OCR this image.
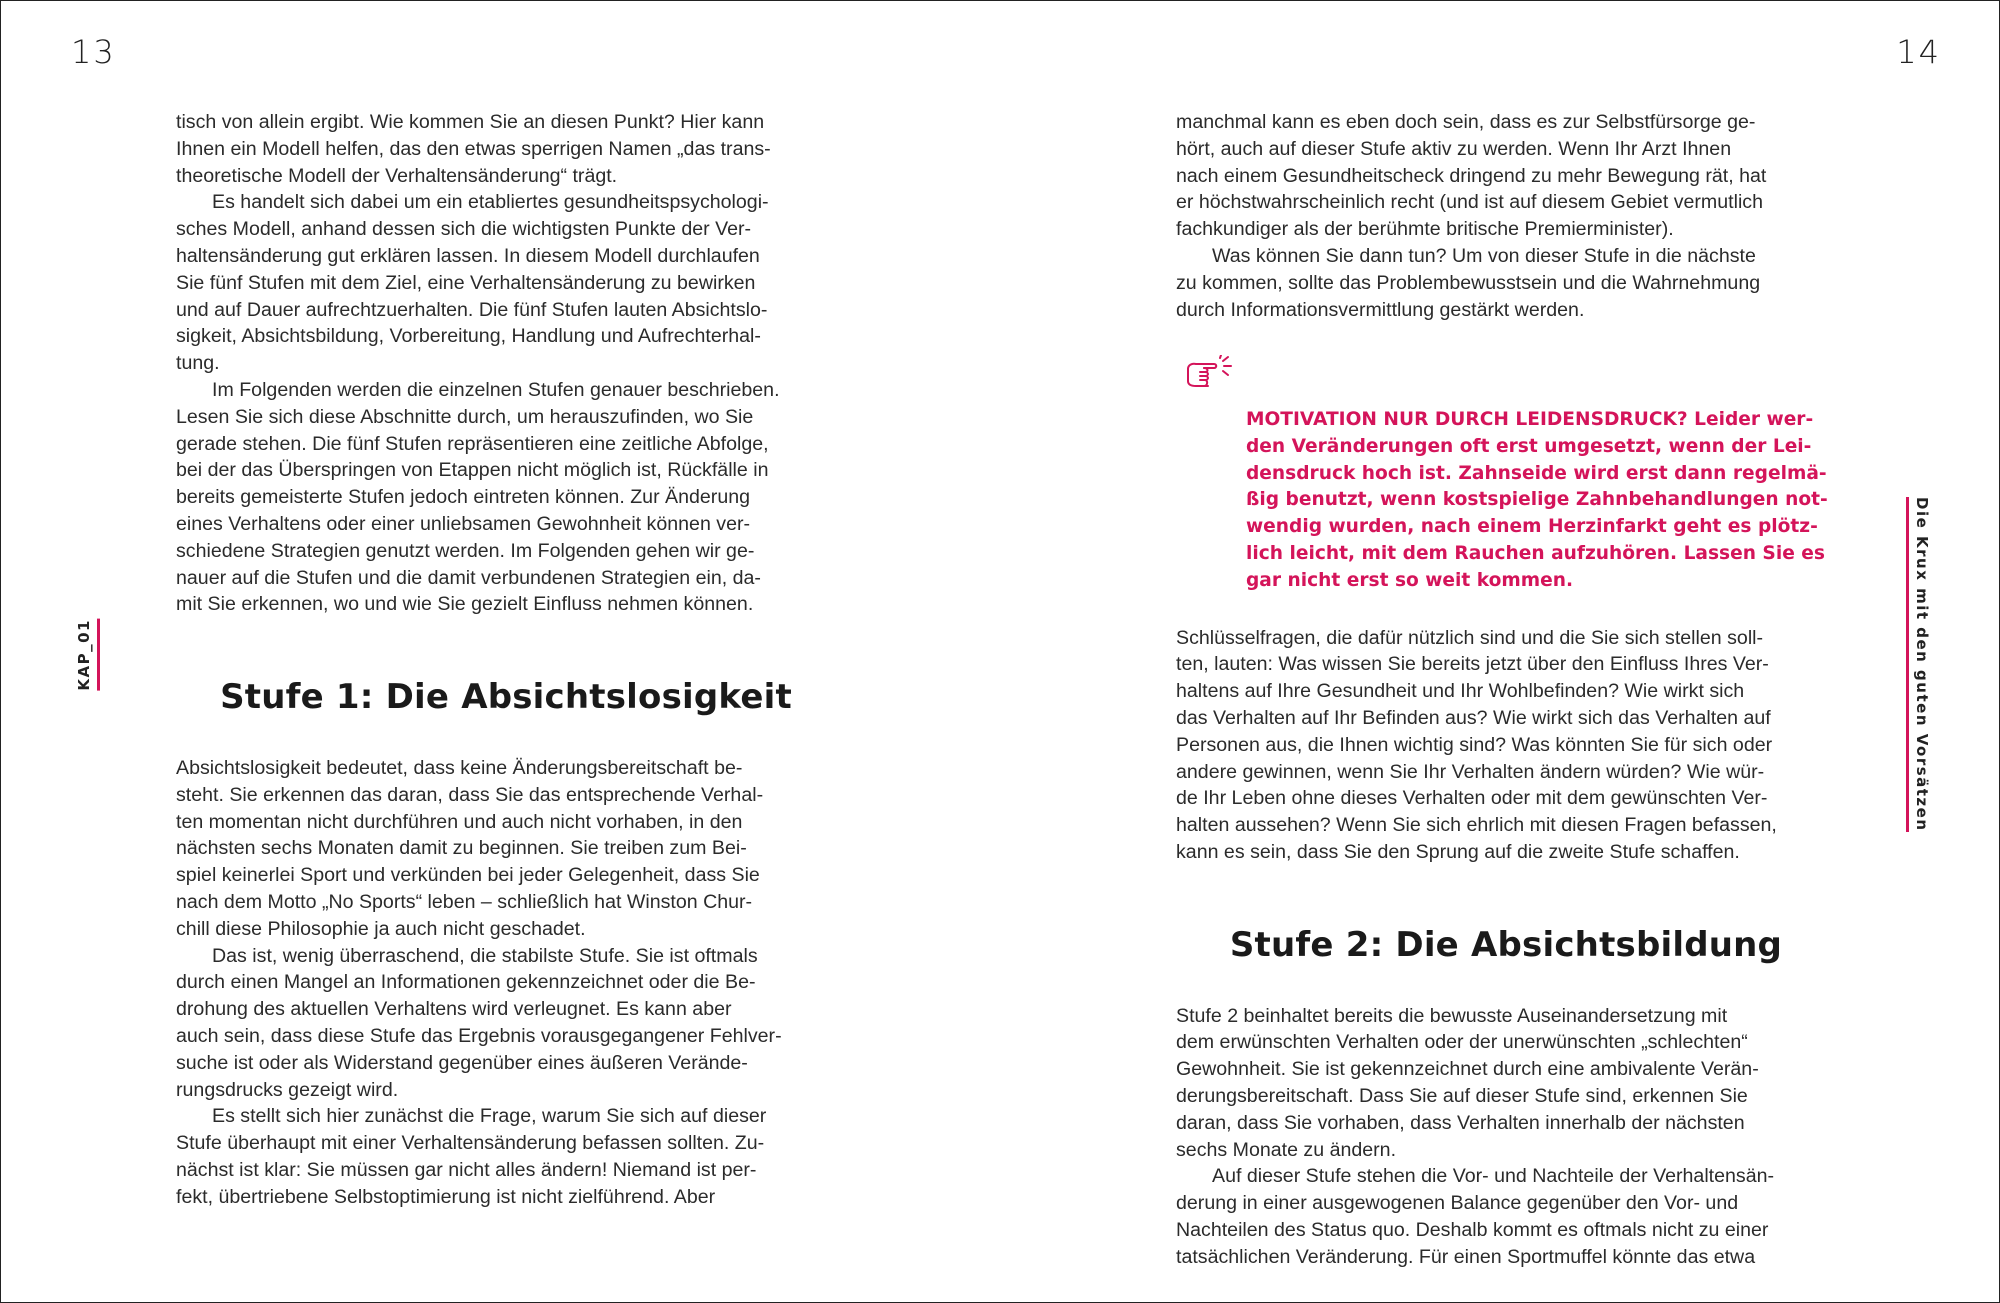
13	14
KAP_01	Die Krux mit den guten Vorsätzen

tisch von allein ergibt. Wie kommen Sie an diesen Punkt? Hier kann
Ihnen ein Modell helfen, das den etwas sperrigen Namen „das trans-
theoretische Modell der Verhaltensänderung“ trägt.

Es handelt sich dabei um ein etabliertes gesundheitspsychologi-
sches Modell, anhand dessen sich die wichtigsten Punkte der Ver-
haltensänderung gut erklären lassen. In diesem Modell durchlaufen
Sie fünf Stufen mit dem Ziel, eine Verhaltensänderung zu bewirken
und auf Dauer aufrechtzuerhalten. Die fünf Stufen lauten Absichtslo-
sigkeit, Absichtsbildung, Vorbereitung, Handlung und Aufrechterhal-
tung.

Im Folgenden werden die einzelnen Stufen genauer beschrieben.
Lesen Sie sich diese Abschnitte durch, um herauszufinden, wo Sie
gerade stehen. Die fünf Stufen repräsentieren eine zeitliche Abfolge,
bei der das Überspringen von Etappen nicht möglich ist, Rückfälle in
bereits gemeisterte Stufen jedoch eintreten können. Zur Änderung
eines Verhaltens oder einer unliebsamen Gewohnheit können ver-
schiedene Strategien genutzt werden. Im Folgenden gehen wir ge-
nauer auf die Stufen und die damit verbundenen Strategien ein, da-
mit Sie erkennen, wo und wie Sie gezielt Einfluss nehmen können.

Stufe 1: Die Absichtslosigkeit

Absichtslosigkeit bedeutet, dass keine Änderungsbereitschaft be-
steht. Sie erkennen das daran, dass Sie das entsprechende Verhal-
ten momentan nicht durchführen und auch nicht vorhaben, in den
nächsten sechs Monaten damit zu beginnen. Sie treiben zum Bei-
spiel keinerlei Sport und verkünden bei jeder Gelegenheit, dass Sie
nach dem Motto „No Sports“ leben – schließlich hat Winston Chur-
chill diese Philosophie ja auch nicht geschadet.

Das ist, wenig überraschend, die stabilste Stufe. Sie ist oftmals
durch einen Mangel an Informationen gekennzeichnet oder die Be-
drohung des aktuellen Verhaltens wird verleugnet. Es kann aber
auch sein, dass diese Stufe das Ergebnis vorausgegangener Fehlver-
suche ist oder als Widerstand gegenüber eines äußeren Verände-
rungsdrucks gezeigt wird.

Es stellt sich hier zunächst die Frage, warum Sie sich auf dieser
Stufe überhaupt mit einer Verhaltensänderung befassen sollten. Zu-
nächst ist klar: Sie müssen gar nicht alles ändern! Niemand ist per-
fekt, übertriebene Selbstoptimierung ist nicht zielführend. Aber

manchmal kann es eben doch sein, dass es zur Selbstfürsorge ge-
hört, auch auf dieser Stufe aktiv zu werden. Wenn Ihr Arzt Ihnen
nach einem Gesundheitscheck dringend zu mehr Bewegung rät, hat
er höchstwahrscheinlich recht (und ist auf diesem Gebiet vermutlich
fachkundiger als der berühmte britische Premierminister).

Was können Sie dann tun? Um von dieser Stufe in die nächste
zu kommen, sollte das Problembewusstsein und die Wahrnehmung
durch Informationsvermittlung gestärkt werden.

MOTIVATION NUR DURCH LEIDENSDRUCK? Leider wer-
den Veränderungen oft erst umgesetzt, wenn der Lei-
densdruck hoch ist. Zahnseide wird erst dann regelmä-
ßig benutzt, wenn kostspielige Zahnbehandlungen not-
wendig wurden, nach einem Herzinfarkt geht es plötz-
lich leicht, mit dem Rauchen aufzuhören. Lassen Sie es
gar nicht erst so weit kommen.

Schlüsselfragen, die dafür nützlich sind und die Sie sich stellen soll-
ten, lauten: Was wissen Sie bereits jetzt über den Einfluss Ihres Ver-
haltens auf Ihre Gesundheit und Ihr Wohlbefinden? Wie wirkt sich
das Verhalten auf Ihr Befinden aus? Wie wirkt sich das Verhalten auf
Personen aus, die Ihnen wichtig sind? Was könnten Sie für sich oder
andere gewinnen, wenn Sie Ihr Verhalten ändern würden? Wie wür-
de Ihr Leben ohne dieses Verhalten oder mit dem gewünschten Ver-
halten aussehen? Wenn Sie sich ehrlich mit diesen Fragen befassen,
kann es sein, dass Sie den Sprung auf die zweite Stufe schaffen.

Stufe 2: Die Absichtsbildung

Stufe 2 beinhaltet bereits die bewusste Auseinandersetzung mit
dem erwünschten Verhalten oder der unerwünschten „schlechten“
Gewohnheit. Sie ist gekennzeichnet durch eine ambivalente Verän-
derungsbereitschaft. Dass Sie auf dieser Stufe sind, erkennen Sie
daran, dass Sie vorhaben, dass Verhalten innerhalb der nächsten
sechs Monate zu ändern.

Auf dieser Stufe stehen die Vor- und Nachteile der Verhaltensän-
derung in einer ausgewogenen Balance gegenüber den Vor- und
Nachteilen des Status quo. Deshalb kommt es oftmals nicht zu einer
tatsächlichen Veränderung. Für einen Sportmuffel könnte das etwa
